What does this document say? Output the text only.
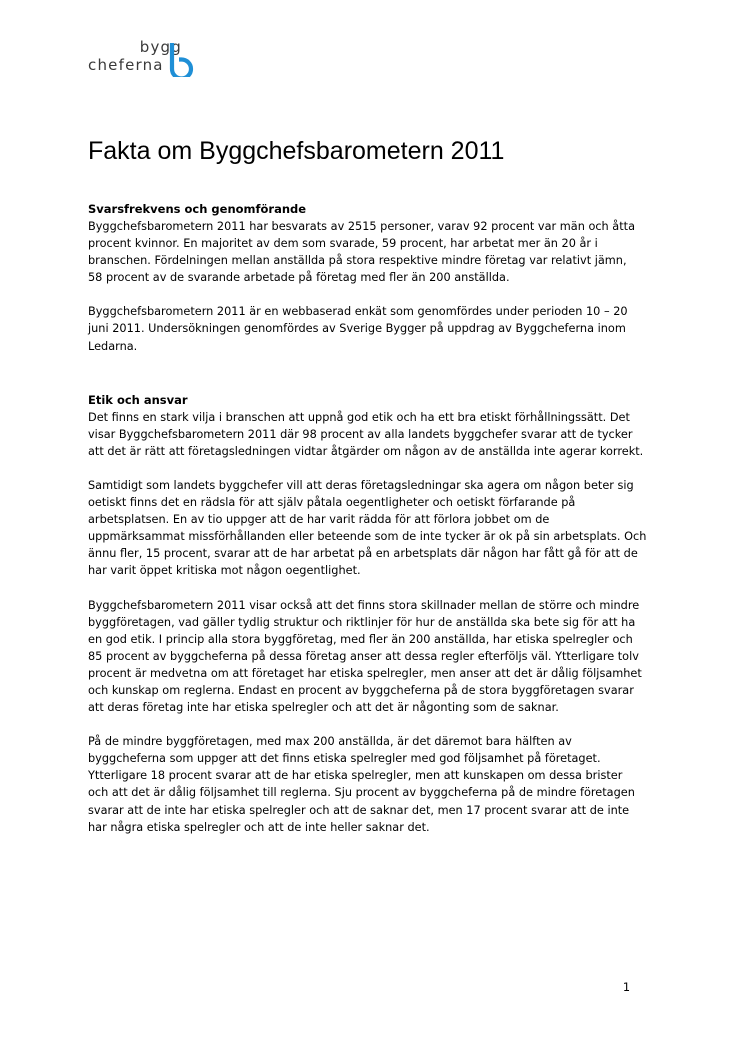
bygg
cheferna
Fakta om Byggchefsbarometern 2011
Svarsfrekvens och genomförande

Byggchefsbarometern 2011 har besvarats av 2515 personer, varav 92 procent var män och åtta
procent kvinnor. En majoritet av dem som svarade, 59 procent, har arbetat mer än 20 år i
branschen. Fördelningen mellan anställda på stora respektive mindre företag var relativt jämn,
58 procent av de svarande arbetade på företag med fler än 200 anställda.

Byggchefsbarometern 2011 är en webbaserad enkät som genomfördes under perioden 10 – 20
juni 2011. Undersökningen genomfördes av Sverige Bygger på uppdrag av Byggcheferna inom
Ledarna.

Etik och ansvar

Det finns en stark vilja i branschen att uppnå god etik och ha ett bra etiskt förhållningssätt. Det
visar Byggchefsbarometern 2011 där 98 procent av alla landets byggchefer svarar att de tycker
att det är rätt att företagsledningen vidtar åtgärder om någon av de anställda inte agerar korrekt.

Samtidigt som landets byggchefer vill att deras företagsledningar ska agera om någon beter sig
oetiskt finns det en rädsla för att själv påtala oegentligheter och oetiskt förfarande på
arbetsplatsen. En av tio uppger att de har varit rädda för att förlora jobbet om de
uppmärksammat missförhållanden eller beteende som de inte tycker är ok på sin arbetsplats. Och
ännu fler, 15 procent, svarar att de har arbetat på en arbetsplats där någon har fått gå för att de
har varit öppet kritiska mot någon oegentlighet.

Byggchefsbarometern 2011 visar också att det finns stora skillnader mellan de större och mindre
byggföretagen, vad gäller tydlig struktur och riktlinjer för hur de anställda ska bete sig för att ha
en god etik. I princip alla stora byggföretag, med fler än 200 anställda, har etiska spelregler och
85 procent av byggcheferna på dessa företag anser att dessa regler efterföljs väl. Ytterligare tolv
procent är medvetna om att företaget har etiska spelregler, men anser att det är dålig följsamhet
och kunskap om reglerna. Endast en procent av byggcheferna på de stora byggföretagen svarar
att deras företag inte har etiska spelregler och att det är någonting som de saknar.

På de mindre byggföretagen, med max 200 anställda, är det däremot bara hälften av
byggcheferna som uppger att det finns etiska spelregler med god följsamhet på företaget.
Ytterligare 18 procent svarar att de har etiska spelregler, men att kunskapen om dessa brister
och att det är dålig följsamhet till reglerna. Sju procent av byggcheferna på de mindre företagen
svarar att de inte har etiska spelregler och att de saknar det, men 17 procent svarar att de inte
har några etiska spelregler och att de inte heller saknar det.

1
